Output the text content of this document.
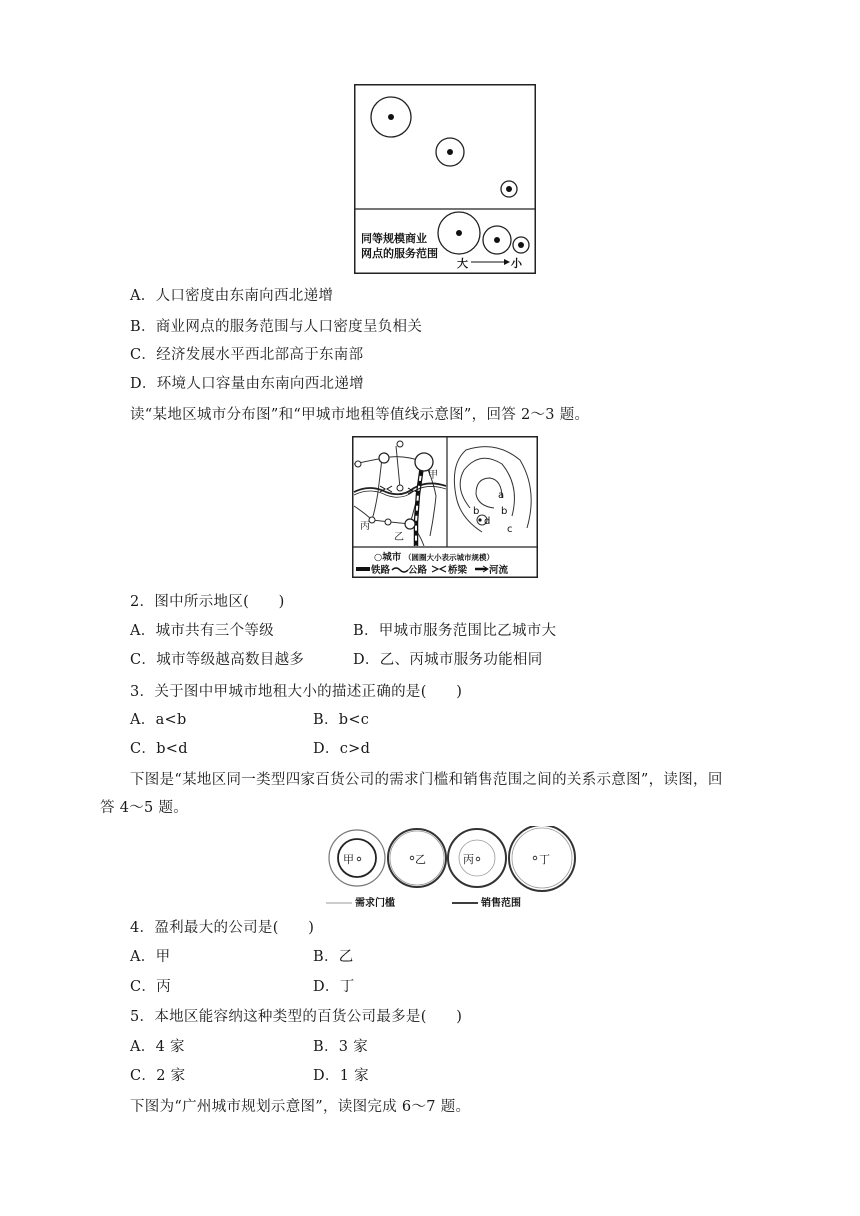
同等规模商业
网点的服务范围
大	小
A．人口密度由东南向西北递增
B．商业网点的服务范围与人口密度呈负相关
C．经济发展水平西北部高于东南部
D．环境人口容量由东南向西北递增
读“某地区城市分布图”和“甲城市地租等值线示意图”，回答 2～3 题。
甲
丙
乙
a
b b
c
d
○城市 （圆圈大小表示城市规模）
铁路 公路 桥梁 河流
2．图中所示地区(　　)
A．城市共有三个等级	B．甲城市服务范围比乙城市大
C．城市等级越高数目越多	D．乙、丙城市服务功能相同
3．关于图中甲城市地租大小的描述正确的是(　　)
A．a<b	B．b<c
C．b<d	D．c>d
下图是“某地区同一类型四家百货公司的需求门槛和销售范围之间的关系示意图”，读图，回
答 4～5 题。
甲	乙	丙	丁
需求门槛	销售范围
4．盈利最大的公司是(　　)
A．甲	B．乙
C．丙	D．丁
5．本地区能容纳这种类型的百货公司最多是(　　)
A．4 家	B．3 家
C．2 家	D．1 家
下图为“广州城市规划示意图”，读图完成 6～7 题。
